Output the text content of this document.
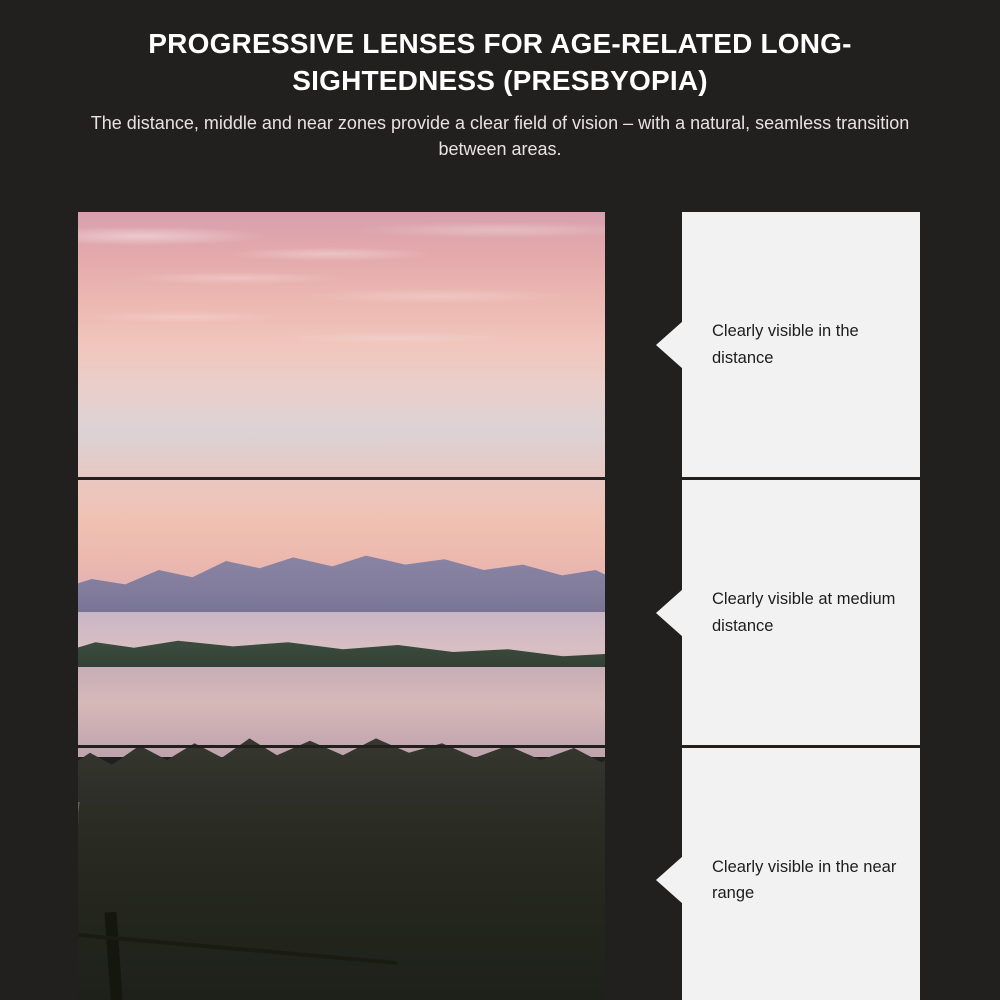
PROGRESSIVE LENSES FOR AGE-RELATED LONG-SIGHTEDNESS (PRESBYOPIA)

The distance, middle and near zones provide a clear field of vision – with a natural, seamless transition between areas.

Clearly visible in the distance
Clearly visible at medium distance
Clearly visible in the near range
